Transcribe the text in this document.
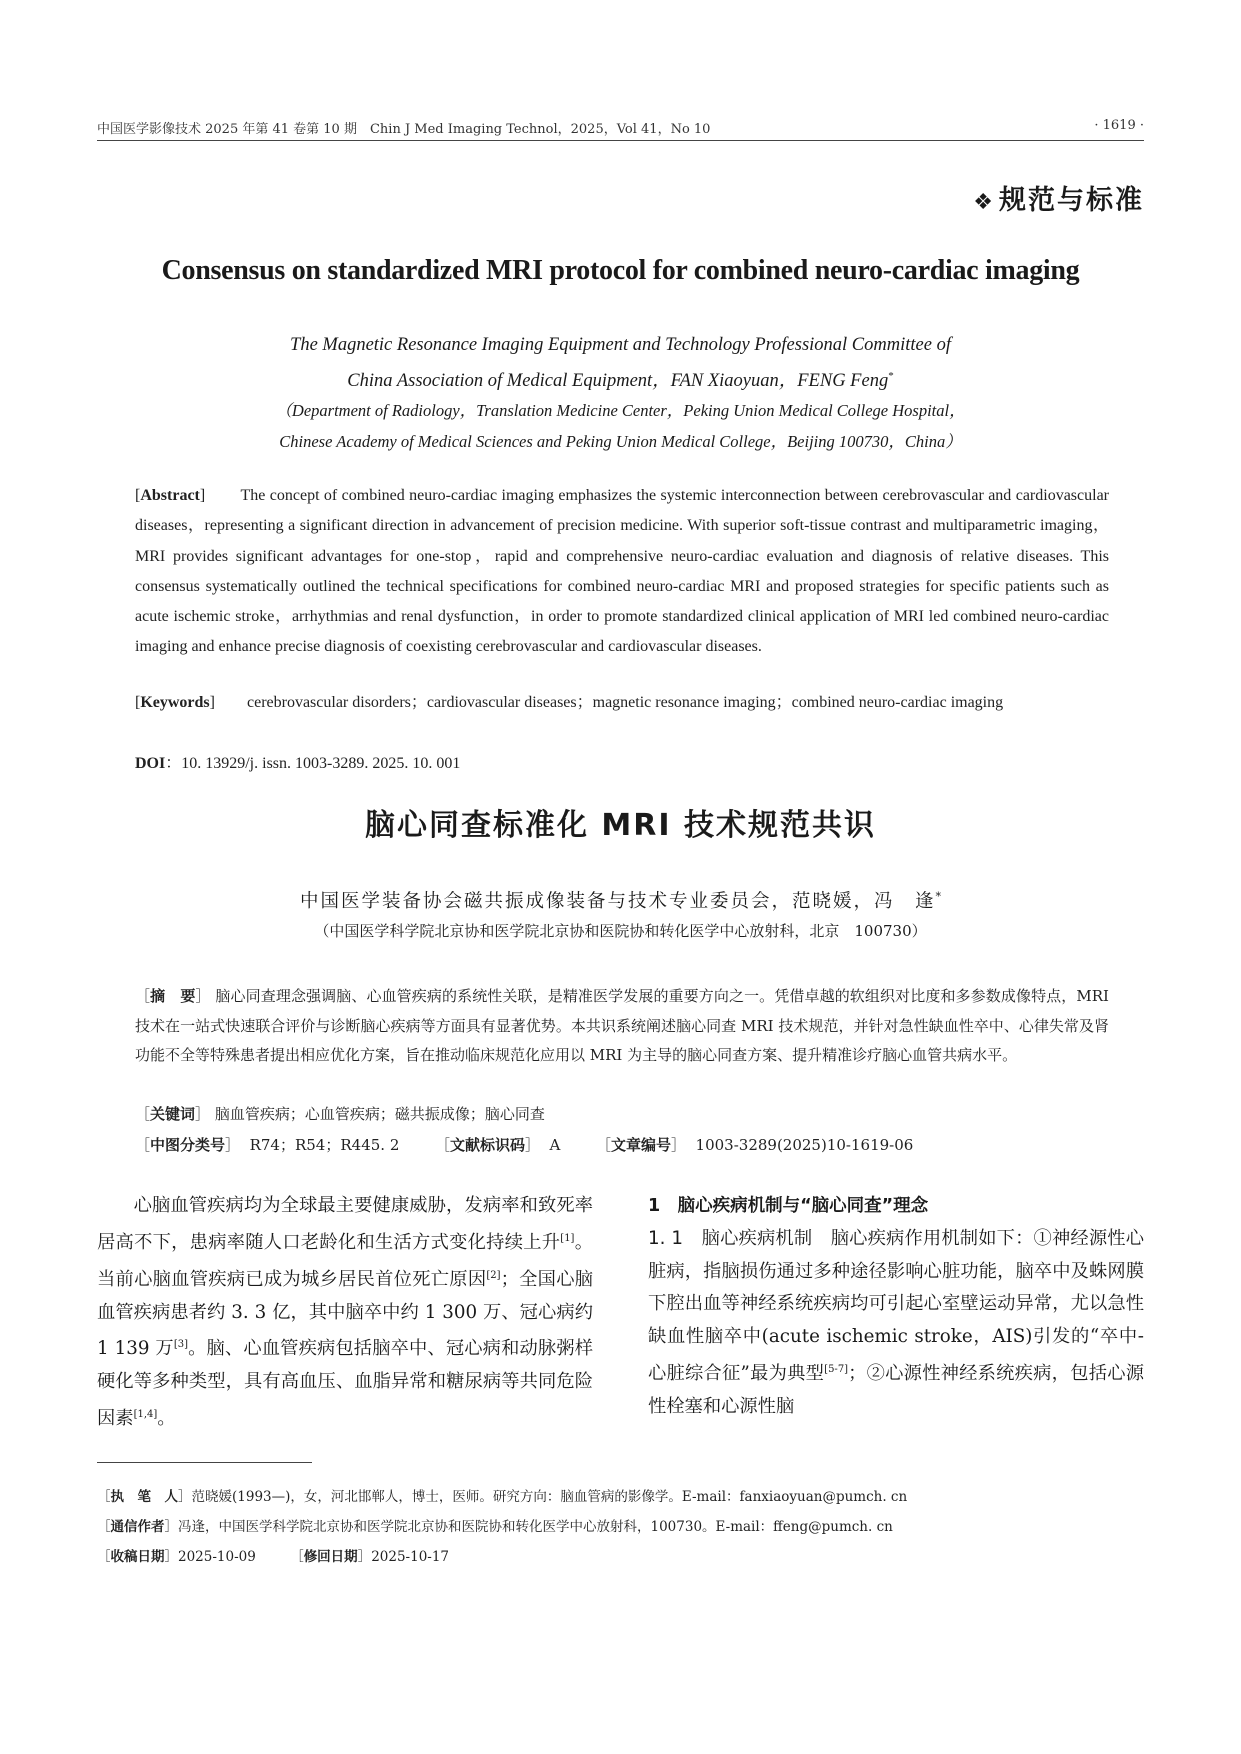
中国医学影像技术 2025 年第 41 卷第 10 期　Chin J Med Imaging Technol，2025，Vol 41，No 10	· 1619 ·
❖ 规范与标准
Consensus on standardized MRI protocol for combined neuro-cardiac imaging
The Magnetic Resonance Imaging Equipment and Technology Professional Committee of
China Association of Medical Equipment，FAN Xiaoyuan，FENG Feng*
（Department of Radiology，Translation Medicine Center，Peking Union Medical College Hospital，
Chinese Academy of Medical Sciences and Peking Union Medical College，Beijing 100730，China）
[Abstract] The concept of combined neuro-cardiac imaging emphasizes the systemic interconnection between cerebrovascular and cardiovascular diseases，representing a significant direction in advancement of precision medicine. With superior soft-tissue contrast and multiparametric imaging，MRI provides significant advantages for one-stop，rapid and comprehensive neuro-cardiac evaluation and diagnosis of relative diseases. This consensus systematically outlined the technical specifications for combined neuro-cardiac MRI and proposed strategies for specific patients such as acute ischemic stroke，arrhythmias and renal dysfunction，in order to promote standardized clinical application of MRI led combined neuro-cardiac imaging and enhance precise diagnosis of coexisting cerebrovascular and cardiovascular diseases.
[Keywords] cerebrovascular disorders；cardiovascular diseases；magnetic resonance imaging；combined neuro-cardiac imaging
DOI：10. 13929/j. issn. 1003-3289. 2025. 10. 001
脑心同查标准化 MRI 技术规范共识
中国医学装备协会磁共振成像装备与技术专业委员会，范晓媛，冯　逢*
（中国医学科学院北京协和医学院北京协和医院协和转化医学中心放射科，北京　100730）
［摘　要］ 脑心同查理念强调脑、心血管疾病的系统性关联，是精准医学发展的重要方向之一。凭借卓越的软组织对比度和多参数成像特点，MRI 技术在一站式快速联合评价与诊断脑心疾病等方面具有显著优势。本共识系统阐述脑心同查 MRI 技术规范，并针对急性缺血性卒中、心律失常及肾功能不全等特殊患者提出相应优化方案，旨在推动临床规范化应用以 MRI 为主导的脑心同查方案、提升精准诊疗脑心血管共病水平。
［关键词］ 脑血管疾病；心血管疾病；磁共振成像；脑心同查
［中图分类号］ R74；R54；R445. 2 ［文献标识码］ A ［文章编号］ 1003-3289(2025)10-1619-06
心脑血管疾病均为全球最主要健康威胁，发病率和致死率居高不下，患病率随人口老龄化和生活方式变化持续上升[1]。当前心脑血管疾病已成为城乡居民首位死亡原因[2]；全国心脑血管疾病患者约 3. 3 亿，其中脑卒中约 1 300 万、冠心病约 1 139 万[3]。脑、心血管疾病包括脑卒中、冠心病和动脉粥样硬化等多种类型，具有高血压、血脂异常和糖尿病等共同危险因素[1,4]。
1　脑心疾病机制与“脑心同查”理念
1. 1　脑心疾病机制　脑心疾病作用机制如下：①神经源性心脏病，指脑损伤通过多种途径影响心脏功能，脑卒中及蛛网膜下腔出血等神经系统疾病均可引起心室壁运动异常，尤以急性缺血性脑卒中(acute ischemic stroke，AIS)引发的“卒中-心脏综合征”最为典型[5-7]；②心源性神经系统疾病，包括心源性栓塞和心源性脑
［执　笔　人］范晓媛(1993—)，女，河北邯郸人，博士，医师。研究方向：脑血管病的影像学。E-mail：fanxiaoyuan@pumch. cn
［通信作者］冯逢，中国医学科学院北京协和医学院北京协和医院协和转化医学中心放射科，100730。E-mail：ffeng@pumch. cn
［收稿日期］2025-10-09	［修回日期］2025-10-17
